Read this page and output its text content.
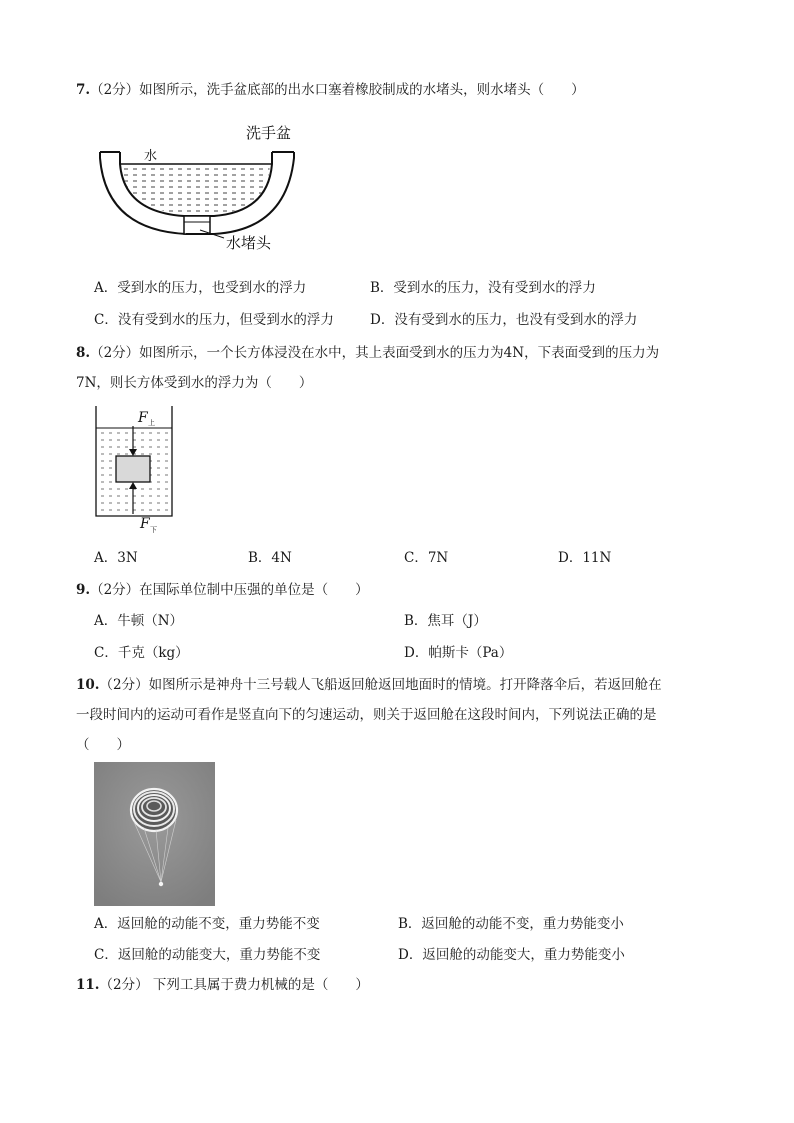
7.（2分）如图所示，洗手盆底部的出水口塞着橡胶制成的水堵头，则水堵头（　　）
洗手盆
水
水堵头
A．受到水的压力，也受到水的浮力	B．受到水的压力，没有受到水的浮力
C．没有受到水的压力，但受到水的浮力	D．没有受到水的压力，也没有受到水的浮力
8.（2分）如图所示，一个长方体浸没在水中，其上表面受到水的压力为4N，下表面受到的压力为
7N，则长方体受到水的浮力为（　　）
F 上
F 下
A．3N	B．4N	C．7N	D．11N
9.（2分）在国际单位制中压强的单位是（　　）
A．牛顿（N）	B．焦耳（J）
C．千克（kg）	D．帕斯卡（Pa）
10.（2分）如图所示是神舟十三号载人飞船返回舱返回地面时的情境。打开降落伞后，若返回舱在
一段时间内的运动可看作是竖直向下的匀速运动，则关于返回舱在这段时间内，下列说法正确的是
（　　）
A．返回舱的动能不变，重力势能不变	B．返回舱的动能不变，重力势能变小
C．返回舱的动能变大，重力势能不变	D．返回舱的动能变大，重力势能变小
11.（2分） 下列工具属于费力机械的是（　　）
